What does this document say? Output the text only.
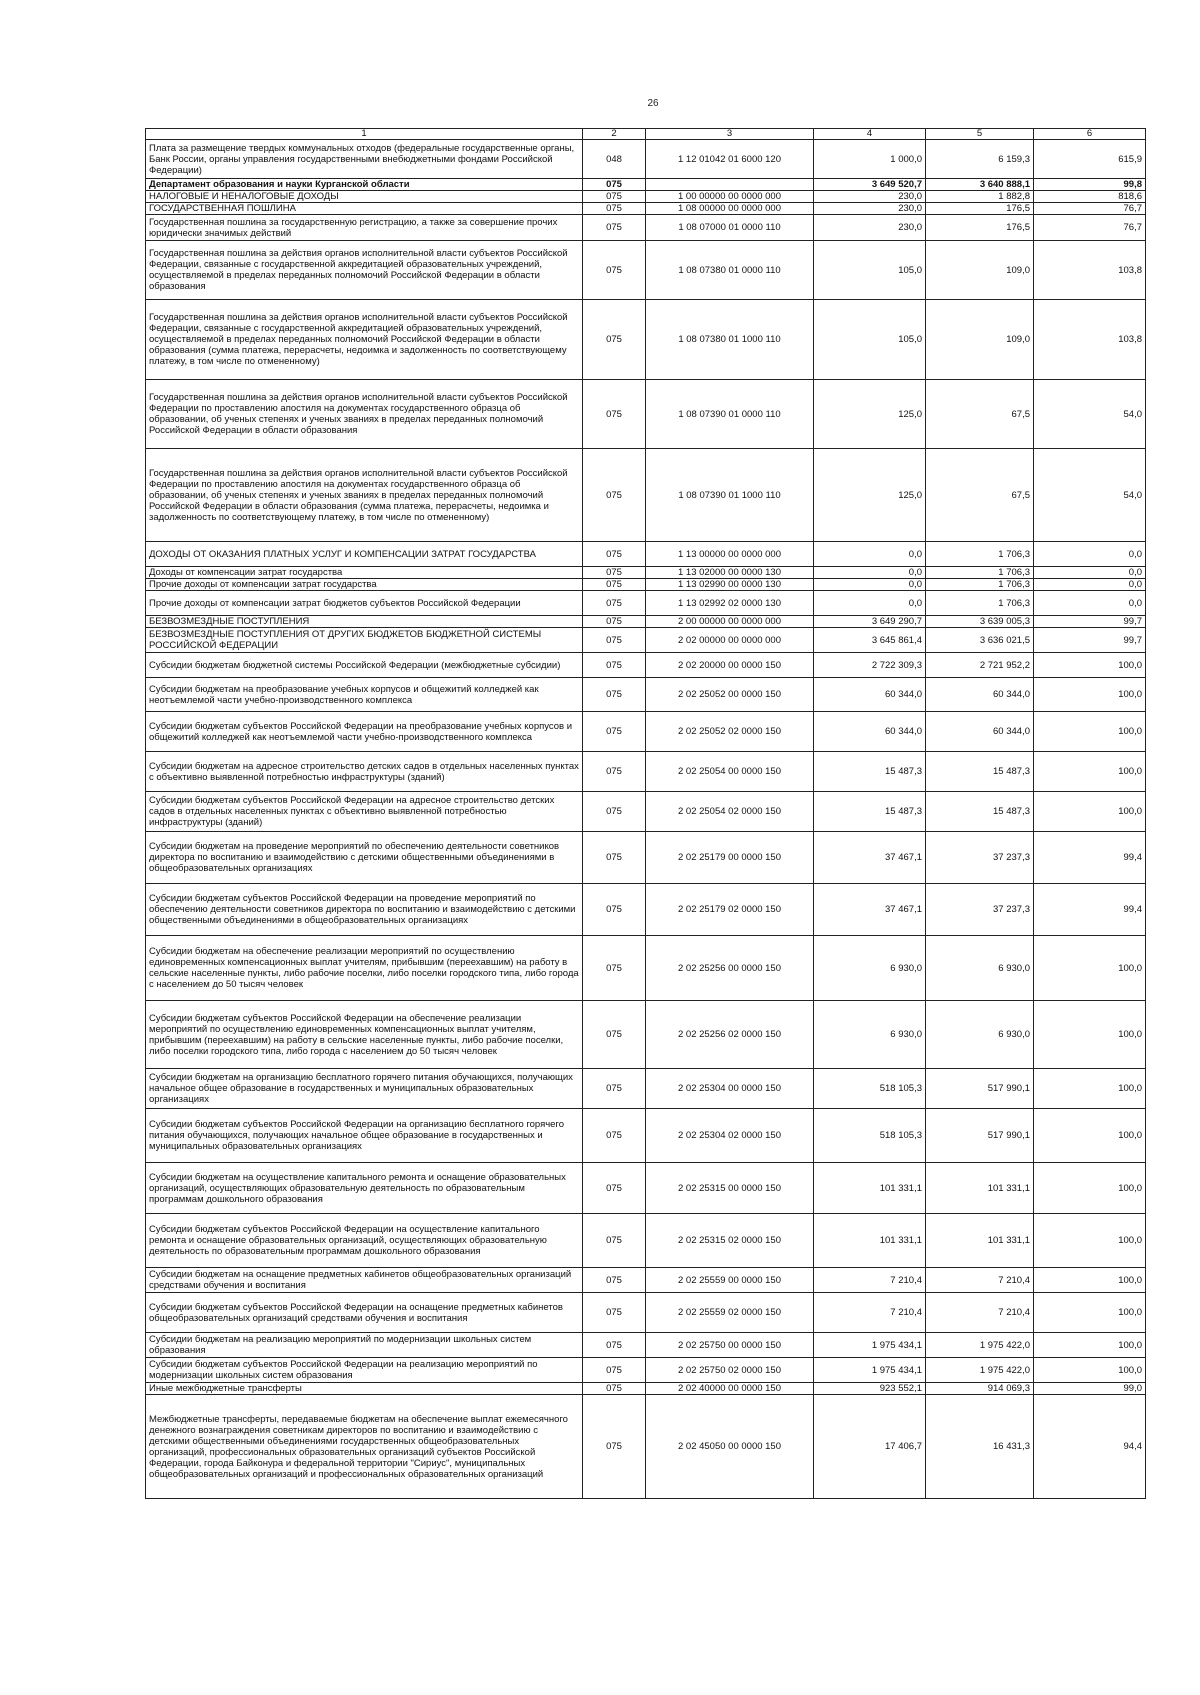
26
1	2	3	4	5	6
Плата за размещение твердых коммунальных отходов (федеральные государственные органы, Банк России, органы управления государственными внебюджетными фондами Российской Федерации)	048	1 12 01042 01 6000 120	1 000,0	6 159,3	615,9
Департамент образования и науки Курганской области	075		3 649 520,7	3 640 888,1	99,8
НАЛОГОВЫЕ И НЕНАЛОГОВЫЕ ДОХОДЫ	075	1 00 00000 00 0000 000	230,0	1 882,8	818,6
ГОСУДАРСТВЕННАЯ ПОШЛИНА	075	1 08 00000 00 0000 000	230,0	176,5	76,7
Государственная пошлина за государственную регистрацию, а также за совершение прочих юридически значимых действий	075	1 08 07000 01 0000 110	230,0	176,5	76,7
Государственная пошлина за действия органов исполнительной власти субъектов Российской Федерации, связанные с государственной аккредитацией образовательных учреждений, осуществляемой в пределах переданных полномочий Российской Федерации в области образования	075	1 08 07380 01 0000 110	105,0	109,0	103,8
Государственная пошлина за действия органов исполнительной власти субъектов Российской Федерации, связанные с государственной аккредитацией образовательных учреждений, осуществляемой в пределах переданных полномочий Российской Федерации в области образования (сумма платежа, перерасчеты, недоимка и задолженность по соответствующему платежу, в том числе по отмененному)	075	1 08 07380 01 1000 110	105,0	109,0	103,8
Государственная пошлина за действия органов исполнительной власти субъектов Российской Федерации по проставлению апостиля на документах государственного образца об образовании, об ученых степенях и ученых званиях в пределах переданных полномочий Российской Федерации в области образования	075	1 08 07390 01 0000 110	125,0	67,5	54,0
Государственная пошлина за действия органов исполнительной власти субъектов Российской Федерации по проставлению апостиля на документах государственного образца об образовании, об ученых степенях и ученых званиях в пределах переданных полномочий Российской Федерации в области образования (сумма платежа, перерасчеты, недоимка и задолженность по соответствующему платежу, в том числе по отмененному)	075	1 08 07390 01 1000 110	125,0	67,5	54,0
ДОХОДЫ ОТ ОКАЗАНИЯ ПЛАТНЫХ УСЛУГ И КОМПЕНСАЦИИ ЗАТРАТ ГОСУДАРСТВА	075	1 13 00000 00 0000 000	0,0	1 706,3	0,0
Доходы от компенсации затрат государства	075	1 13 02000 00 0000 130	0,0	1 706,3	0,0
Прочие доходы от компенсации затрат государства	075	1 13 02990 00 0000 130	0,0	1 706,3	0,0
Прочие доходы от компенсации затрат бюджетов субъектов Российской Федерации	075	1 13 02992 02 0000 130	0,0	1 706,3	0,0
БЕЗВОЗМЕЗДНЫЕ ПОСТУПЛЕНИЯ	075	2 00 00000 00 0000 000	3 649 290,7	3 639 005,3	99,7
БЕЗВОЗМЕЗДНЫЕ ПОСТУПЛЕНИЯ ОТ ДРУГИХ БЮДЖЕТОВ БЮДЖЕТНОЙ СИСТЕМЫ РОССИЙСКОЙ ФЕДЕРАЦИИ	075	2 02 00000 00 0000 000	3 645 861,4	3 636 021,5	99,7
Субсидии бюджетам бюджетной системы Российской Федерации (межбюджетные субсидии)	075	2 02 20000 00 0000 150	2 722 309,3	2 721 952,2	100,0
Субсидии бюджетам на преобразование учебных корпусов и общежитий колледжей как неотъемлемой части учебно-производственного комплекса	075	2 02 25052 00 0000 150	60 344,0	60 344,0	100,0
Субсидии бюджетам субъектов Российской Федерации на преобразование учебных корпусов и общежитий колледжей как неотъемлемой части учебно-производственного комплекса	075	2 02 25052 02 0000 150	60 344,0	60 344,0	100,0
Субсидии бюджетам на адресное строительство детских садов в отдельных населенных пунктах с объективно выявленной потребностью инфраструктуры (зданий)	075	2 02 25054 00 0000 150	15 487,3	15 487,3	100,0
Субсидии бюджетам субъектов Российской Федерации на адресное строительство детских садов в отдельных населенных пунктах с объективно выявленной потребностью инфраструктуры (зданий)	075	2 02 25054 02 0000 150	15 487,3	15 487,3	100,0
Субсидии бюджетам на проведение мероприятий по обеспечению деятельности советников директора по воспитанию и взаимодействию с детскими общественными объединениями в общеобразовательных организациях	075	2 02 25179 00 0000 150	37 467,1	37 237,3	99,4
Субсидии бюджетам субъектов Российской Федерации на проведение мероприятий по обеспечению деятельности советников директора по воспитанию и взаимодействию с детскими общественными объединениями в общеобразовательных организациях	075	2 02 25179 02 0000 150	37 467,1	37 237,3	99,4
Субсидии бюджетам на обеспечение реализации мероприятий по осуществлению единовременных компенсационных выплат учителям, прибывшим (переехавшим) на работу в сельские населенные пункты, либо рабочие поселки, либо поселки городского типа, либо города с населением до 50 тысяч человек	075	2 02 25256 00 0000 150	6 930,0	6 930,0	100,0
Субсидии бюджетам субъектов Российской Федерации на обеспечение реализации мероприятий по осуществлению единовременных компенсационных выплат учителям, прибывшим (переехавшим) на работу в сельские населенные пункты, либо рабочие поселки, либо поселки городского типа, либо города с населением до 50 тысяч человек	075	2 02 25256 02 0000 150	6 930,0	6 930,0	100,0
Субсидии бюджетам на организацию бесплатного горячего питания обучающихся, получающих начальное общее образование в государственных и муниципальных образовательных организациях	075	2 02 25304 00 0000 150	518 105,3	517 990,1	100,0
Субсидии бюджетам субъектов Российской Федерации на организацию бесплатного горячего питания обучающихся, получающих начальное общее образование в государственных и муниципальных образовательных организациях	075	2 02 25304 02 0000 150	518 105,3	517 990,1	100,0
Субсидии бюджетам на осуществление капитального ремонта и оснащение образовательных организаций, осуществляющих образовательную деятельность по образовательным программам дошкольного образования	075	2 02 25315 00 0000 150	101 331,1	101 331,1	100,0
Субсидии бюджетам субъектов Российской Федерации на осуществление капитального ремонта и оснащение образовательных организаций, осуществляющих образовательную деятельность по образовательным программам дошкольного образования	075	2 02 25315 02 0000 150	101 331,1	101 331,1	100,0
Субсидии бюджетам на оснащение предметных кабинетов общеобразовательных организаций средствами обучения и воспитания	075	2 02 25559 00 0000 150	7 210,4	7 210,4	100,0
Субсидии бюджетам субъектов Российской Федерации на оснащение предметных кабинетов общеобразовательных организаций средствами обучения и воспитания	075	2 02 25559 02 0000 150	7 210,4	7 210,4	100,0
Субсидии бюджетам на реализацию мероприятий по модернизации школьных систем образования	075	2 02 25750 00 0000 150	1 975 434,1	1 975 422,0	100,0
Субсидии бюджетам субъектов Российской Федерации на реализацию мероприятий по модернизации школьных систем образования	075	2 02 25750 02 0000 150	1 975 434,1	1 975 422,0	100,0
Иные межбюджетные трансферты	075	2 02 40000 00 0000 150	923 552,1	914 069,3	99,0
Межбюджетные трансферты, передаваемые бюджетам на обеспечение выплат ежемесячного денежного вознаграждения советникам директоров по воспитанию и взаимодействию с детскими общественными объединениями государственных общеобразовательных организаций, профессиональных образовательных организаций субъектов Российской Федерации, города Байконура и федеральной территории "Сириус", муниципальных общеобразовательных организаций и профессиональных образовательных организаций	075	2 02 45050 00 0000 150	17 406,7	16 431,3	94,4
